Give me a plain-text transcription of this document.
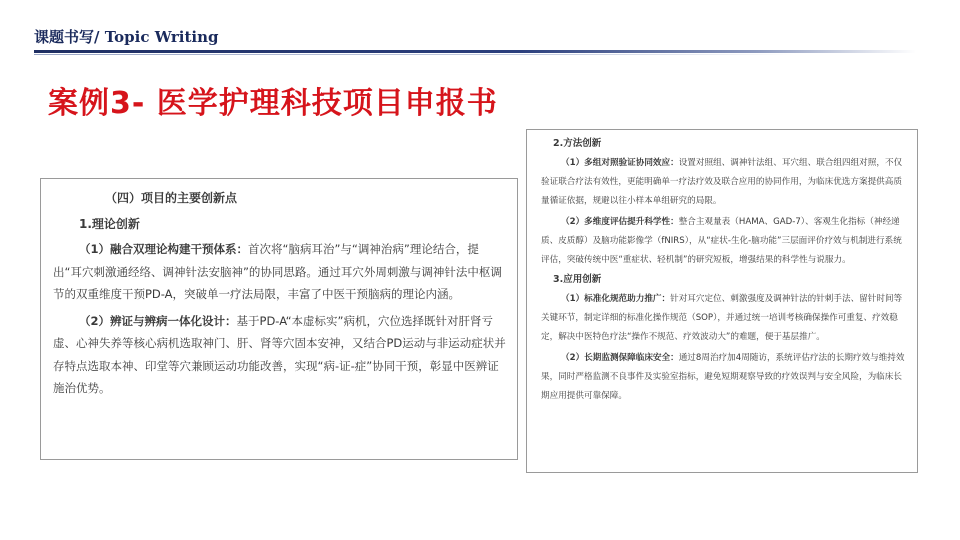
课题书写/ Topic Writing
案例3- 医学护理科技项目申报书

（四）项目的主要创新点

1.理论创新

（1）融合双理论构建干预体系：首次将“脑病耳治”与“调神治病”理论结合，提出“耳穴刺激通经络、调神针法安脑神”的协同思路。通过耳穴外周刺激与调神针法中枢调节的双重维度干预PD-A，突破单一疗法局限，丰富了中医干预脑病的理论内涵。

（2）辨证与辨病一体化设计：基于PD-A“本虚标实”病机，穴位选择既针对肝肾亏虚、心神失养等核心病机选取神门、肝、肾等穴固本安神，又结合PD运动与非运动症状并存特点选取本神、印堂等穴兼顾运动功能改善，实现“病-证-症”协同干预，彰显中医辨证施治优势。

2.方法创新

（1）多组对照验证协同效应：设置对照组、调神针法组、耳穴组、联合组四组对照，不仅验证联合疗法有效性，更能明确单一疗法疗效及联合应用的协同作用，为临床优选方案提供高质量循证依据，规避以往小样本单组研究的局限。

（2）多维度评估提升科学性：整合主观量表（HAMA、GAD-7）、客观生化指标（神经递质、皮质醇）及脑功能影像学（fNIRS），从“症状-生化-脑功能”三层面评价疗效与机制进行系统评估，突破传统中医“重症状、轻机制”的研究短板，增强结果的科学性与说服力。

3.应用创新

（1）标准化规范助力推广：针对耳穴定位、刺激强度及调神针法的针刺手法、留针时间等关键环节，制定详细的标准化操作规范（SOP），并通过统一培训考核确保操作可重复、疗效稳定，解决中医特色疗法“操作不规范、疗效波动大”的难题，便于基层推广。

（2）长期监测保障临床安全：通过8周治疗加4周随访，系统评估疗法的长期疗效与维持效果，同时严格监测不良事件及实验室指标，避免短期观察导致的疗效误判与安全风险，为临床长期应用提供可靠保障。
